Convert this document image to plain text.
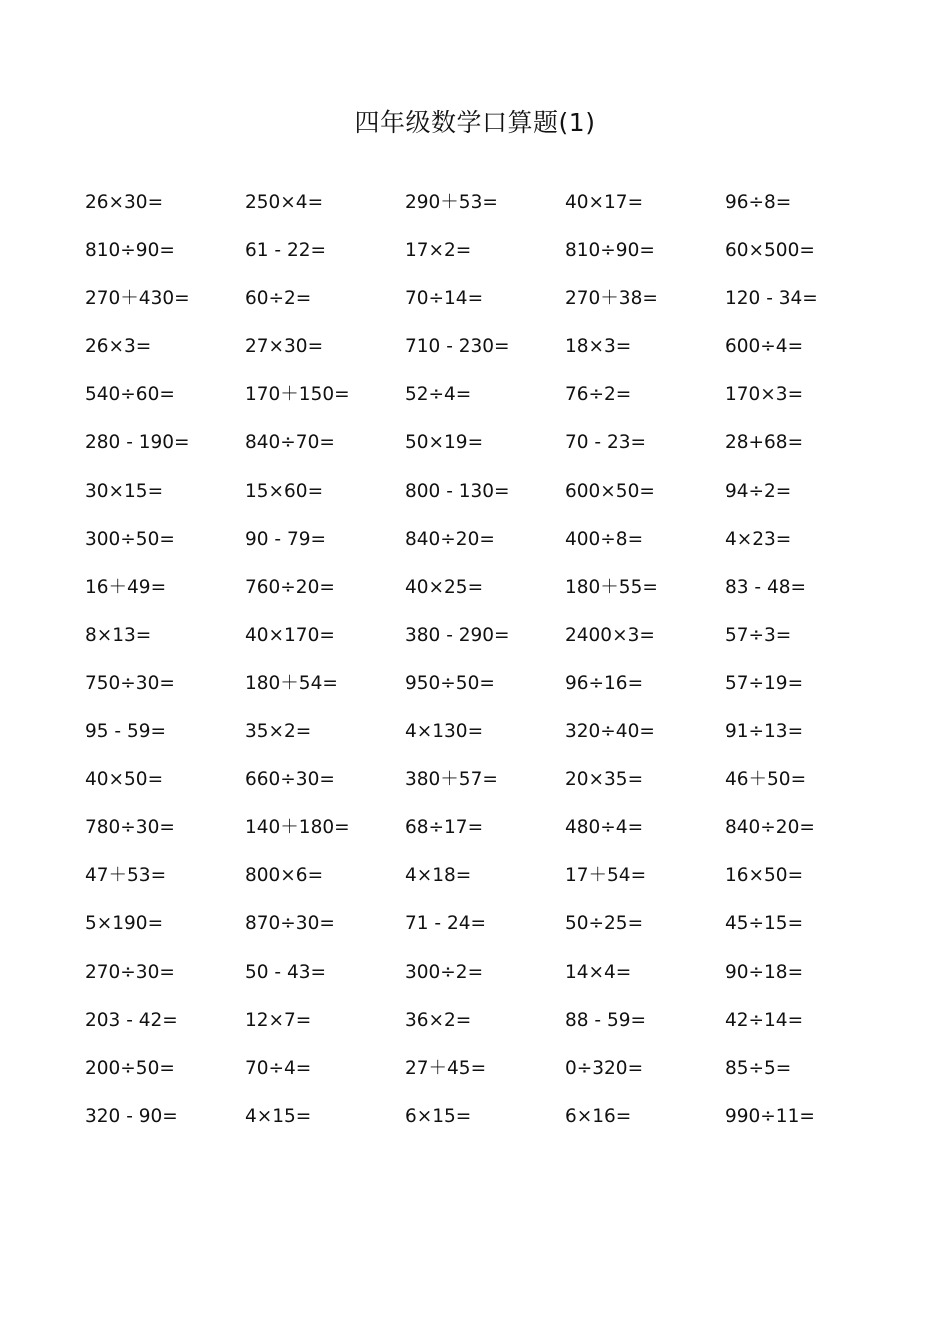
四年级数学口算题(1)
26×30=	250×4=	290＋53=	40×17=	96÷8=
810÷90=	61 - 22=	17×2=	810÷90=	60×500=
270＋430=	60÷2=	70÷14=	270＋38=	120 - 34=
26×3=	27×30=	710 - 230=	18×3=	600÷4=
540÷60=	170＋150=	52÷4=	76÷2=	170×3=
280 - 190=	840÷70=	50×19=	70 - 23=	28+68=
30×15=	15×60=	800 - 130=	600×50=	94÷2=
300÷50=	90 - 79=	840÷20=	400÷8=	4×23=
16＋49=	760÷20=	40×25=	180＋55=	83 - 48=
8×13=	40×170=	380 - 290=	2400×3=	57÷3=
750÷30=	180＋54=	950÷50=	96÷16=	57÷19=
95 - 59=	35×2=	4×130=	320÷40=	91÷13=
40×50=	660÷30=	380＋57=	20×35=	46＋50=
780÷30=	140＋180=	68÷17=	480÷4=	840÷20=
47＋53=	800×6=	4×18=	17＋54=	16×50=
5×190=	870÷30=	71 - 24=	50÷25=	45÷15=
270÷30=	50 - 43=	300÷2=	14×4=	90÷18=
203 - 42=	12×7=	36×2=	88 - 59=	42÷14=
200÷50=	70÷4=	27＋45=	0÷320=	85÷5=
320 - 90=	4×15=	6×15=	6×16=	990÷11=
